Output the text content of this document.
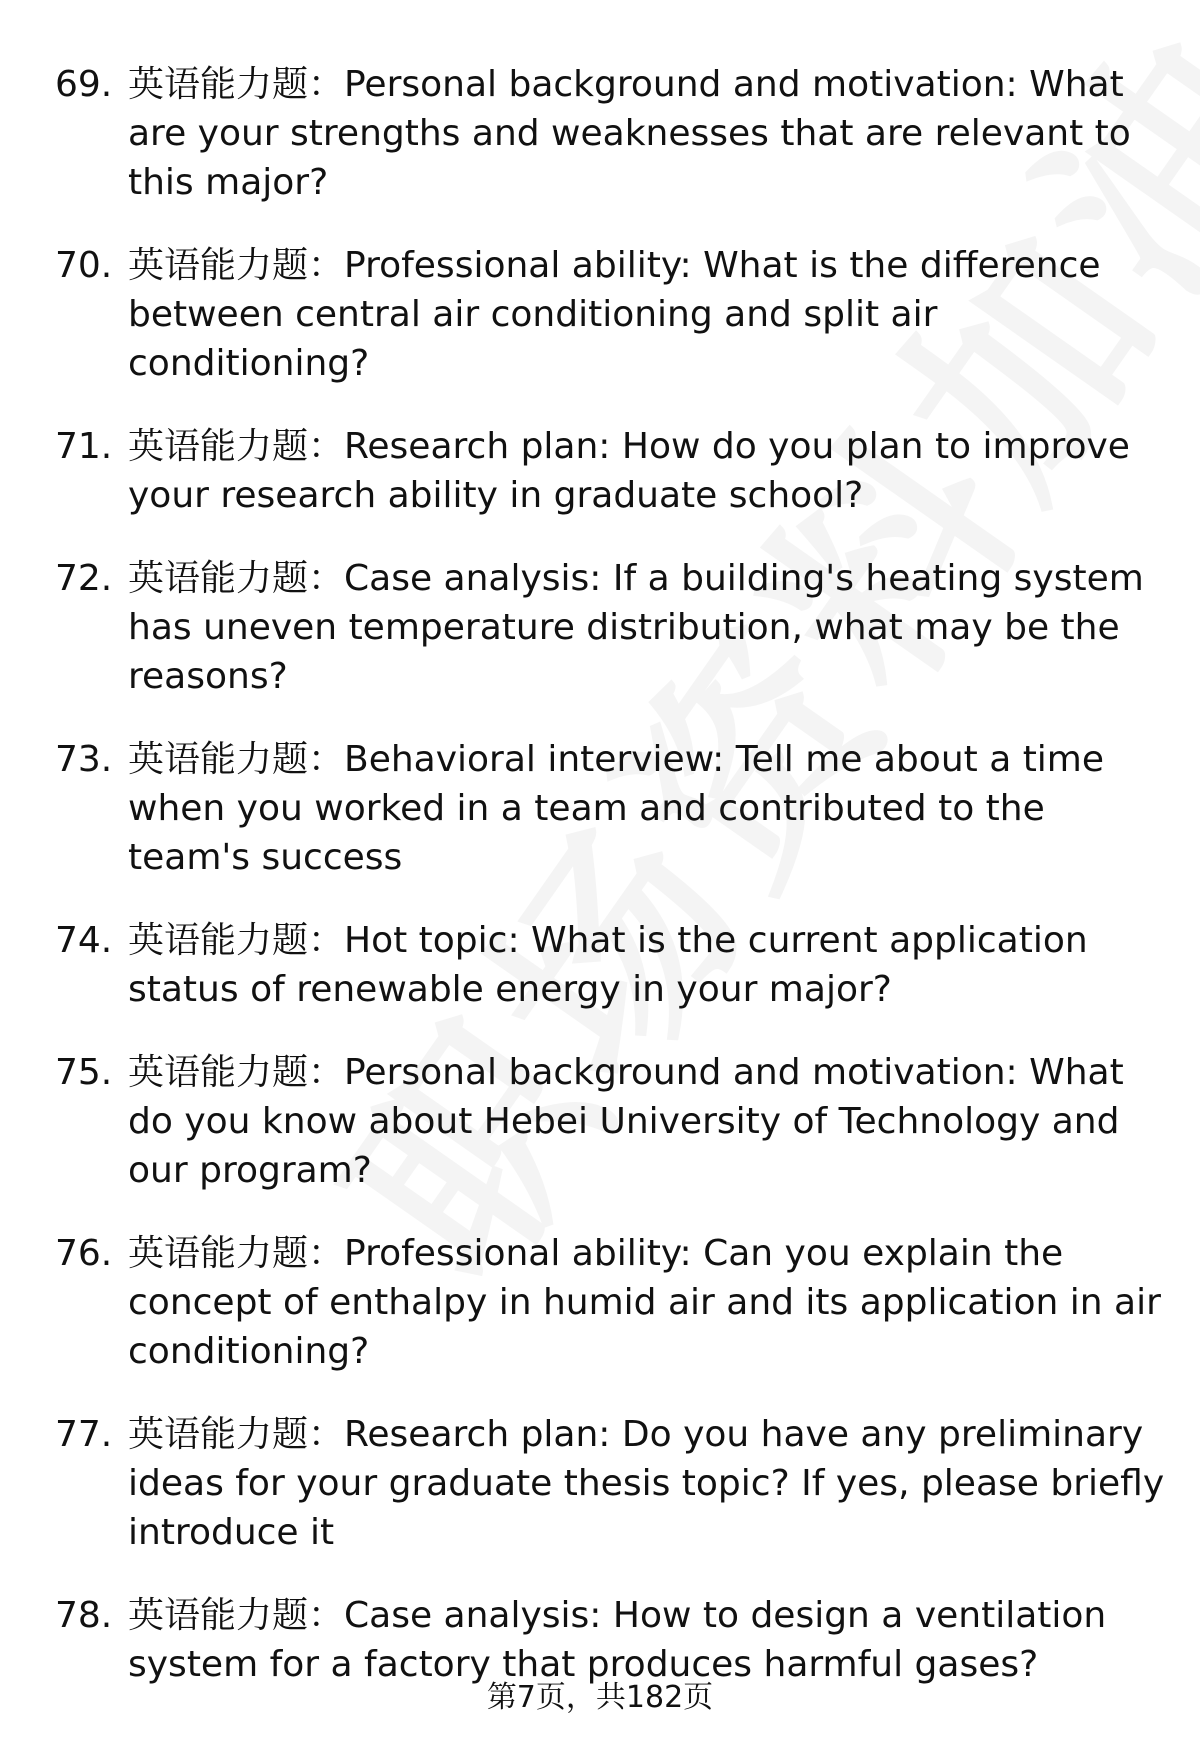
69. 英语能力题：Personal background and motivation: What are your strengths and weaknesses that are relevant to this major?
70. 英语能力题：Professional ability: What is the difference between central air conditioning and split air conditioning?
71. 英语能力题：Research plan: How do you plan to improve your research ability in graduate school?
72. 英语能力题：Case analysis: If a building's heating system has uneven temperature distribution, what may be the reasons?
73. 英语能力题：Behavioral interview: Tell me about a time when you worked in a team and contributed to the team's success
74. 英语能力题：Hot topic: What is the current application status of renewable energy in your major?
75. 英语能力题：Personal background and motivation: What do you know about Hebei University of Technology and our program?
76. 英语能力题：Professional ability: Can you explain the concept of enthalpy in humid air and its application in air conditioning?
77. 英语能力题：Research plan: Do you have any preliminary ideas for your graduate thesis topic? If yes, please briefly introduce it
78. 英语能力题：Case analysis: How to design a ventilation system for a factory that produces harmful gases?
第7页，共182页
